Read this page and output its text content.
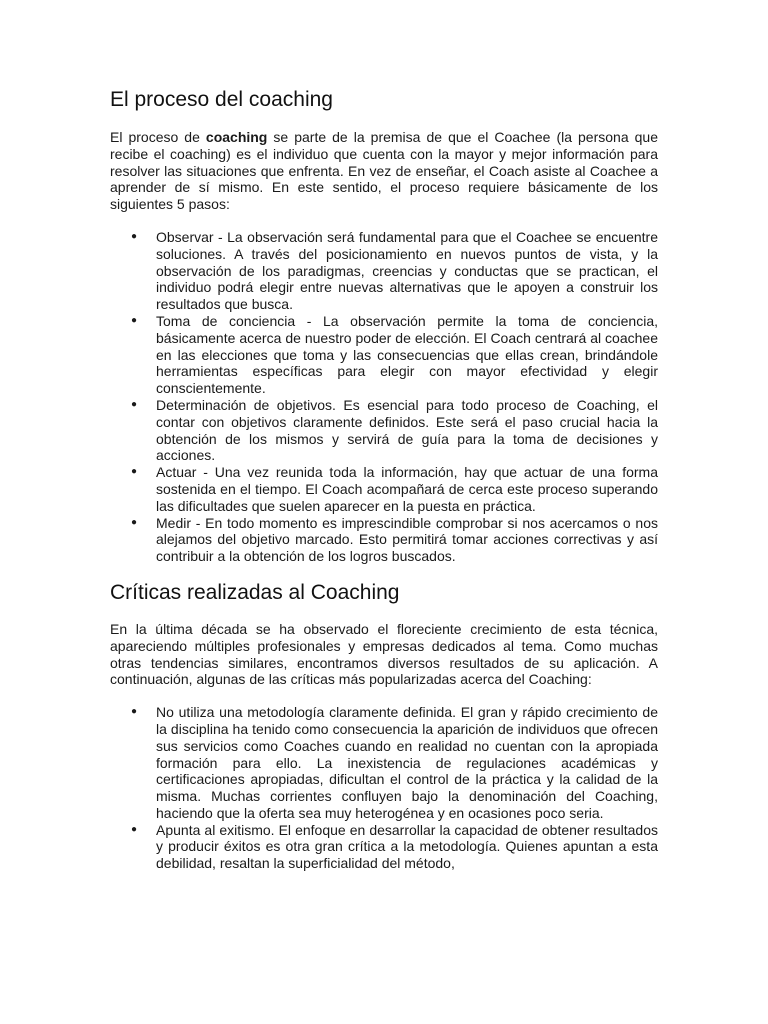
El proceso del coaching

El proceso de coaching se parte de la premisa de que el Coachee (la persona que recibe el coaching) es el individuo que cuenta con la mayor y mejor información para resolver las situaciones que enfrenta. En vez de enseñar, el Coach asiste al Coachee a aprender de sí mismo. En este sentido, el proceso requiere básicamente de los siguientes 5 pasos:

● Observar - La observación será fundamental para que el Coachee se encuentre soluciones. A través del posicionamiento en nuevos puntos de vista, y la observación de los paradigmas, creencias y conductas que se practican, el individuo podrá elegir entre nuevas alternativas que le apoyen a construir los resultados que busca.
● Toma de conciencia - La observación permite la toma de conciencia, básicamente acerca de nuestro poder de elección. El Coach centrará al coachee en las elecciones que toma y las consecuencias que ellas crean, brindándole herramientas específicas para elegir con mayor efectividad y elegir conscientemente.
● Determinación de objetivos. Es esencial para todo proceso de Coaching, el contar con objetivos claramente definidos. Este será el paso crucial hacia la obtención de los mismos y servirá de guía para la toma de decisiones y acciones.
● Actuar - Una vez reunida toda la información, hay que actuar de una forma sostenida en el tiempo. El Coach acompañará de cerca este proceso superando las dificultades que suelen aparecer en la puesta en práctica.
● Medir - En todo momento es imprescindible comprobar si nos acercamos o nos alejamos del objetivo marcado. Esto permitirá tomar acciones correctivas y así contribuir a la obtención de los logros buscados.
Críticas realizadas al Coaching

En la última década se ha observado el floreciente crecimiento de esta técnica, apareciendo múltiples profesionales y empresas dedicados al tema. Como muchas otras tendencias similares, encontramos diversos resultados de su aplicación. A continuación, algunas de las críticas más popularizadas acerca del Coaching:

● No utiliza una metodología claramente definida. El gran y rápido crecimiento de la disciplina ha tenido como consecuencia la aparición de individuos que ofrecen sus servicios como Coaches cuando en realidad no cuentan con la apropiada formación para ello. La inexistencia de regulaciones académicas y certificaciones apropiadas, dificultan el control de la práctica y la calidad de la misma. Muchas corrientes confluyen bajo la denominación del Coaching, haciendo que la oferta sea muy heterogénea y en ocasiones poco seria.
● Apunta al exitismo. El enfoque en desarrollar la capacidad de obtener resultados y producir éxitos es otra gran crítica a la metodología. Quienes apuntan a esta debilidad, resaltan la superficialidad del método,
